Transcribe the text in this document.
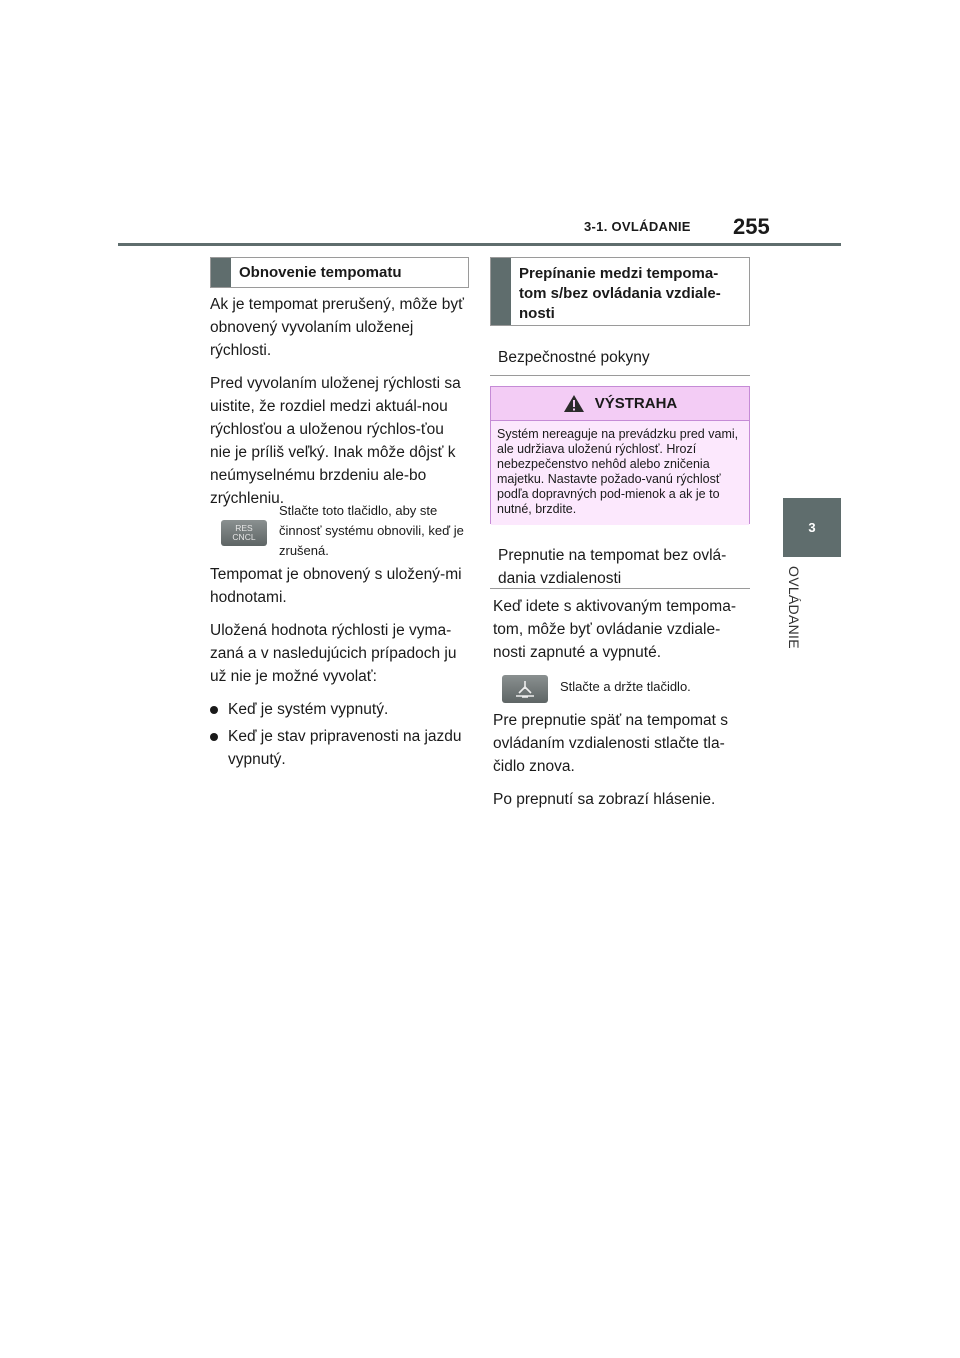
3-1. OVLÁDANIE 255
3
OVLÁDANIE
Obnovenie tempomatu

Ak je tempomat prerušený, môže byť obnovený vyvolaním uloženej rýchlosti.

Pred vyvolaním uloženej rýchlosti sa uistite, že rozdiel medzi aktuál-nou rýchlosťou a uloženou rýchlos-ťou nie je príliš veľký. Inak môže dôjsť k neúmyselnému brzdeniu ale-bo zrýchleniu.

RES
CNCL
Stlačte toto tlačidlo, aby ste činnosť systému obnovili, keď je zrušená.

Tempomat je obnovený s uložený-mi hodnotami.

Uložená hodnota rýchlosti je vyma-zaná a v nasledujúcich prípadoch ju už nie je možné vyvolať:

Keď je systém vypnutý.
Keď je stav pripravenosti na jazdu vypnutý.
Prepínanie medzi tempoma-tom s/bez ovládania vzdiale-nosti
Bezpečnostné pokyny
VÝSTRAHA
Systém nereaguje na prevádzku pred vami, ale udržiava uloženú rýchlosť. Hrozí nebezpečenstvo nehôd alebo zničenia majetku. Nastavte požado-vanú rýchlosť podľa dopravných pod-mienok a ak je to nutné, brzdite.
Prepnutie na tempomat bez ovlá-dania vzdialenosti
Keď idete s aktivovaným tempoma-tom, môže byť ovládanie vzdiale-nosti zapnuté a vypnuté.
Stlačte a držte tlačidlo.

Pre prepnutie späť na tempomat s ovládaním vzdialenosti stlačte tla-čidlo znova.

Po prepnutí sa zobrazí hlásenie.
